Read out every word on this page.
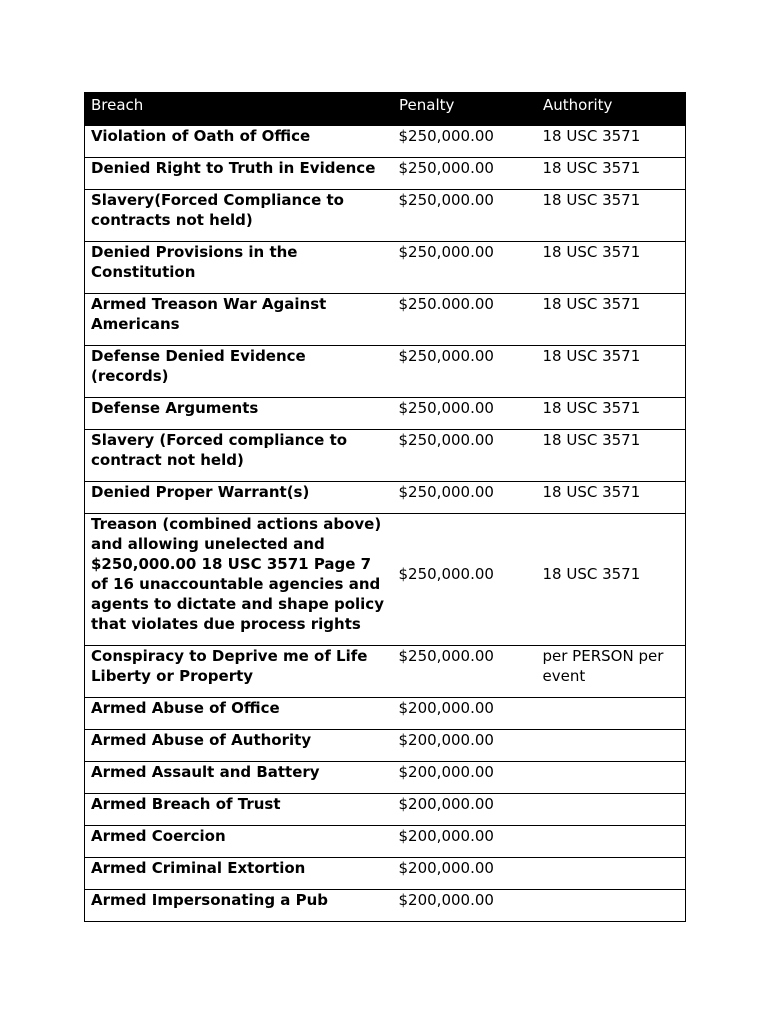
Breach	Penalty	Authority
Violation of Oath of Office	$250,000.00	18 USC 3571
Denied Right to Truth in Evidence	$250,000.00	18 USC 3571
Slavery(Forced Compliance to contracts not held)	$250,000.00	18 USC 3571
Denied Provisions in the Constitution	$250,000.00	18 USC 3571
Armed Treason War Against Americans	$250.000.00	18 USC 3571
Defense Denied Evidence (records)	$250,000.00	18 USC 3571
Defense Arguments	$250,000.00	18 USC 3571
Slavery (Forced compliance to contract not held)	$250,000.00	18 USC 3571
Denied Proper Warrant(s)	$250,000.00	18 USC 3571
Treason (combined actions above) and allowing unelected and $250,000.00 18 USC 3571 Page 7 of 16 unaccountable agencies and agents to dictate and shape policy that violates due process rights	$250,000.00	18 USC 3571
Conspiracy to Deprive me of Life Liberty or Property	$250,000.00	per PERSON per event
Armed Abuse of Office	$200,000.00	
Armed Abuse of Authority	$200,000.00	
Armed Assault and Battery	$200,000.00	
Armed Breach of Trust	$200,000.00	
Armed Coercion	$200,000.00	
Armed Criminal Extortion	$200,000.00	
Armed Impersonating a Pub	$200,000.00	
